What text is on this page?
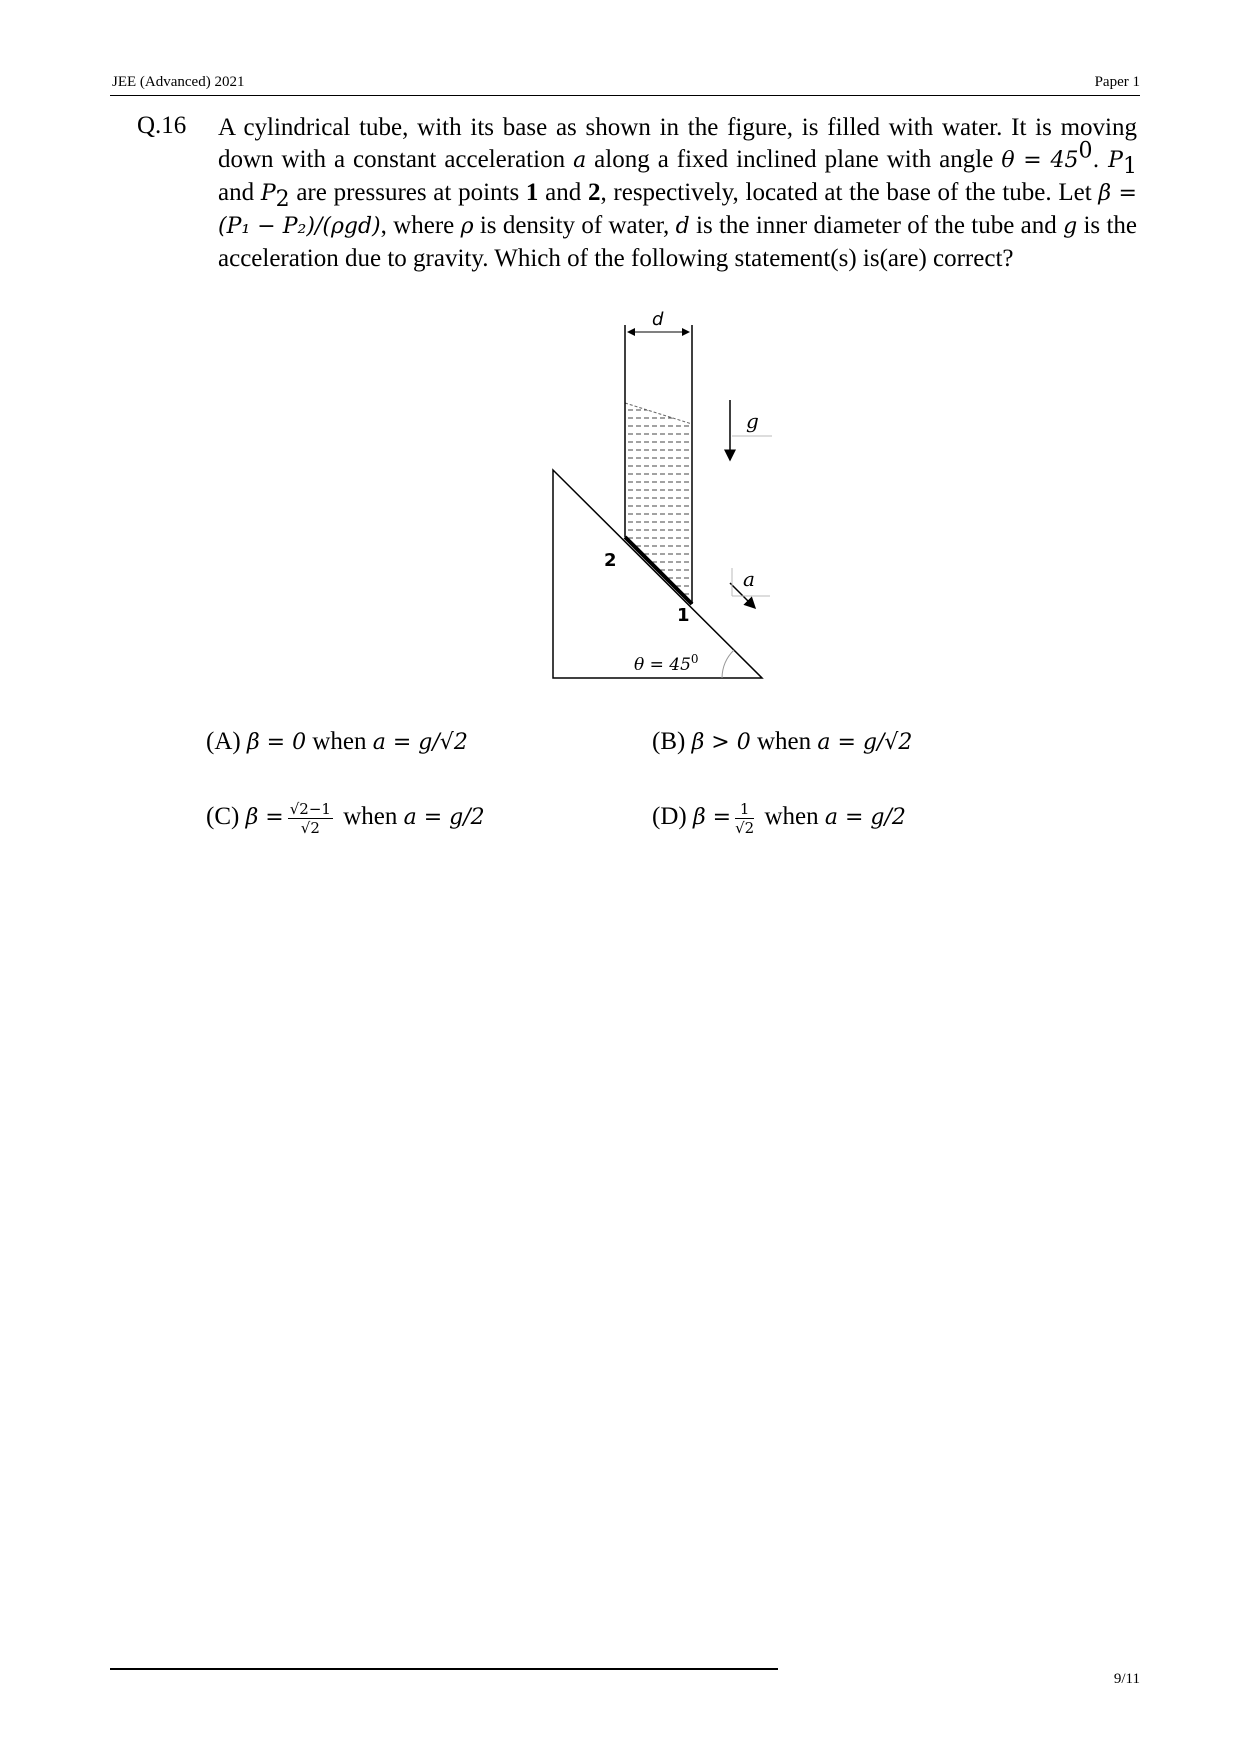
JEE (Advanced) 2021	Paper 1
Q.16 A cylindrical tube, with its base as shown in the figure, is filled with water. It is moving down with a constant acceleration a along a fixed inclined plane with angle $\theta = 45^0$. $P_1$ and $P_2$ are pressures at points 1 and 2, respectively, located at the base of the tube. Let β = (P₁ − P₂)/(ρgd), where ρ is density of water, d is the inner diameter of the tube and g is the acceleration due to gravity. Which of the following statement(s) is(are) correct?
d
g
a
2
1
$\theta = 45^0$
(A) β = 0 when a = g/√2	(B) β > 0 when a = g/√2
(C) $\beta = \frac{√2-1}{√2}$ when a = g/2	(D) $\beta = \frac{1}{√2}$ when a = g/2
9/11
